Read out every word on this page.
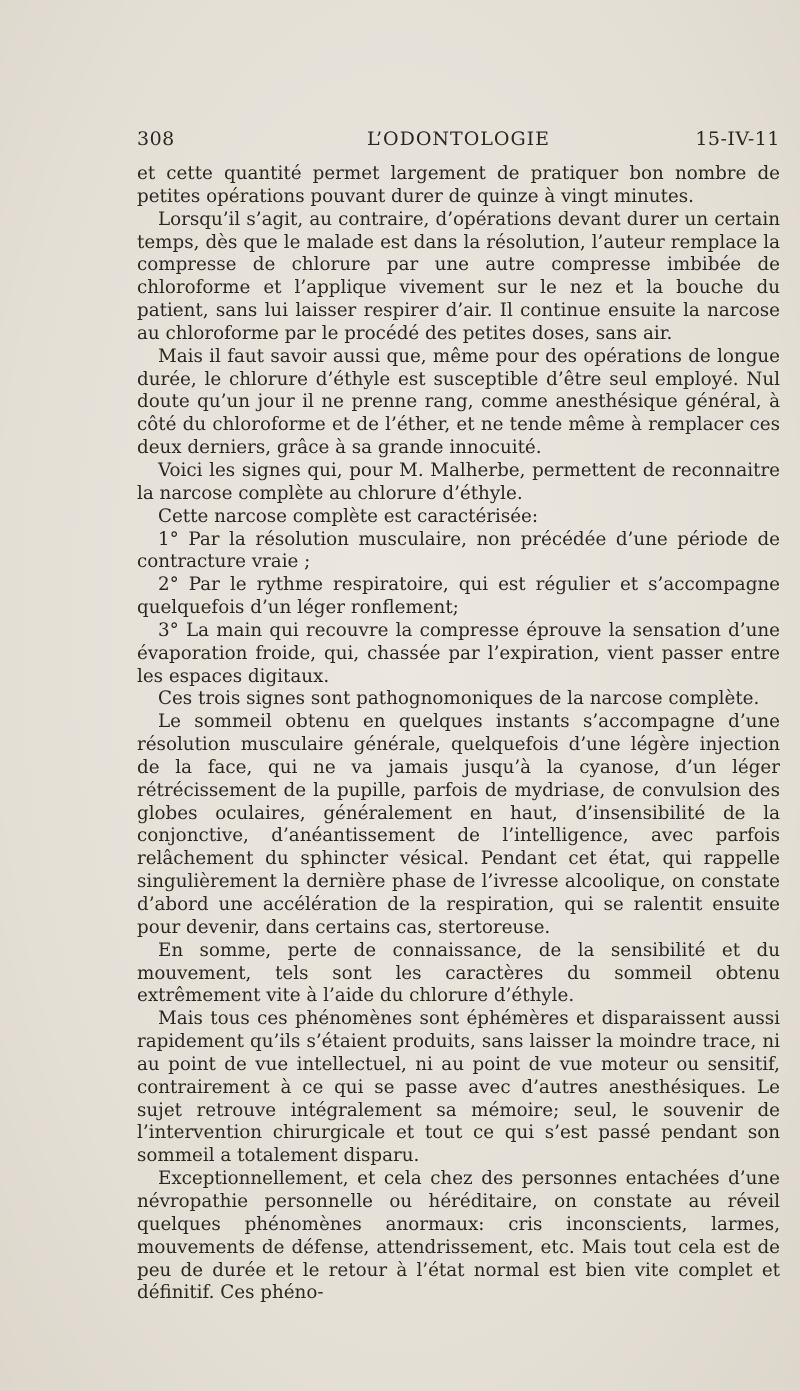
308	L’ODONTOLOGIE	15-IV-11

et cette quantité permet largement de pratiquer bon nombre de petites opérations pouvant durer de quinze à vingt minutes.

Lorsqu’il s’agit, au contraire, d’opérations devant durer un certain temps, dès que le malade est dans la résolution, l’auteur remplace la compresse de chlorure par une autre compresse imbibée de chloroforme et l’applique vivement sur le nez et la bouche du patient, sans lui laisser respirer d’air. Il continue ensuite la narcose au chloroforme par le procédé des petites doses, sans air.

Mais il faut savoir aussi que, même pour des opérations de longue durée, le chlorure d’éthyle est susceptible d’être seul employé. Nul doute qu’un jour il ne prenne rang, comme anesthésique général, à côté du chloroforme et de l’éther, et ne tende même à remplacer ces deux derniers, grâce à sa grande innocuité.

Voici les signes qui, pour M. Malherbe, permettent de reconnaitre la narcose complète au chlorure d’éthyle.

Cette narcose complète est caractérisée:

1° Par la résolution musculaire, non précédée d’une période de contracture vraie ;

2° Par le rythme respiratoire, qui est régulier et s’accompagne quelquefois d’un léger ronflement;

3° La main qui recouvre la compresse éprouve la sensation d’une évaporation froide, qui, chassée par l’expiration, vient passer entre les espaces digitaux.

Ces trois signes sont pathognomoniques de la narcose complète.

Le sommeil obtenu en quelques instants s’accompagne d’une résolution musculaire générale, quelquefois d’une légère injection de la face, qui ne va jamais jusqu’à la cyanose, d’un léger rétrécissement de la pupille, parfois de mydriase, de convulsion des globes oculaires, généralement en haut, d’insensibilité de la conjonctive, d’anéantissement de l’intelligence, avec parfois relâchement du sphincter vésical. Pendant cet état, qui rappelle singulièrement la dernière phase de l’ivresse alcoolique, on constate d’abord une accélération de la respiration, qui se ralentit ensuite pour devenir, dans certains cas, stertoreuse.

En somme, perte de connaissance, de la sensibilité et du mouvement, tels sont les caractères du sommeil obtenu extrêmement vite à l’aide du chlorure d’éthyle.

Mais tous ces phénomènes sont éphémères et disparaissent aussi rapidement qu’ils s’étaient produits, sans laisser la moindre trace, ni au point de vue intellectuel, ni au point de vue moteur ou sensitif, contrairement à ce qui se passe avec d’autres anesthésiques. Le sujet retrouve intégralement sa mémoire; seul, le souvenir de l’intervention chirurgicale et tout ce qui s’est passé pendant son sommeil a totalement disparu.

Exceptionnellement, et cela chez des personnes entachées d’une névropathie personnelle ou héréditaire, on constate au réveil quelques phénomènes anormaux: cris inconscients, larmes, mouvements de défense, attendrissement, etc. Mais tout cela est de peu de durée et le retour à l’état normal est bien vite complet et définitif. Ces phéno-
